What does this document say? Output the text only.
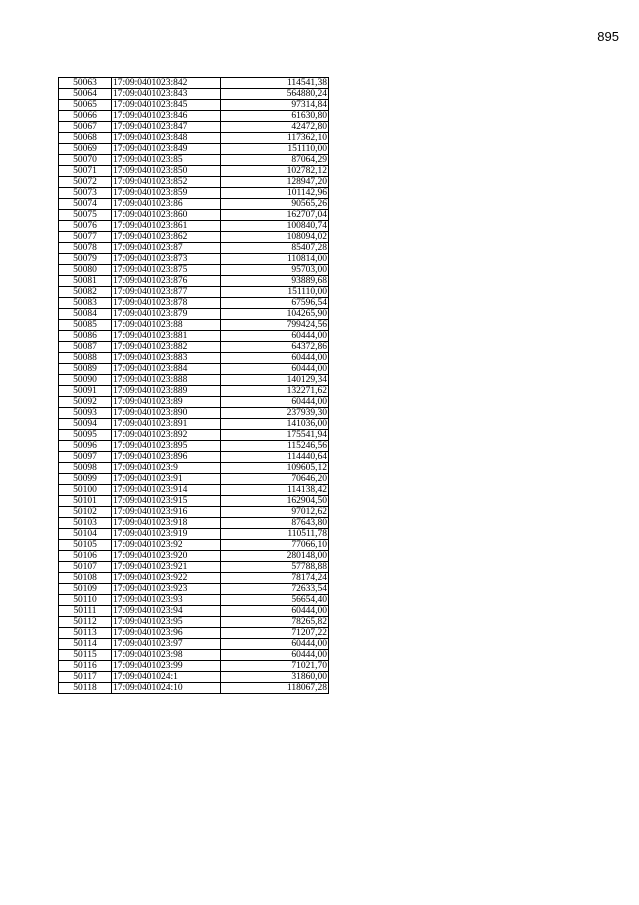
895
50063	17:09:0401023:842	114541,38
50064	17:09:0401023:843	564880,24
50065	17:09:0401023:845	97314,84
50066	17:09:0401023:846	61630,80
50067	17:09:0401023:847	42472,80
50068	17:09:0401023:848	117362,10
50069	17:09:0401023:849	151110,00
50070	17:09:0401023:85	87064,29
50071	17:09:0401023:850	102782,12
50072	17:09:0401023:852	128947,20
50073	17:09:0401023:859	101142,96
50074	17:09:0401023:86	90565,26
50075	17:09:0401023:860	162707,04
50076	17:09:0401023:861	100840,74
50077	17:09:0401023:862	108094,02
50078	17:09:0401023:87	85407,28
50079	17:09:0401023:873	110814,00
50080	17:09:0401023:875	95703,00
50081	17:09:0401023:876	93889,68
50082	17:09:0401023:877	151110,00
50083	17:09:0401023:878	67596,54
50084	17:09:0401023:879	104265,90
50085	17:09:0401023:88	799424,56
50086	17:09:0401023:881	60444,00
50087	17:09:0401023:882	64372,86
50088	17:09:0401023:883	60444,00
50089	17:09:0401023:884	60444,00
50090	17:09:0401023:888	140129,34
50091	17:09:0401023:889	132271,62
50092	17:09:0401023:89	60444,00
50093	17:09:0401023:890	237939,30
50094	17:09:0401023:891	141036,00
50095	17:09:0401023:892	175541,94
50096	17:09:0401023:895	115246,56
50097	17:09:0401023:896	114440,64
50098	17:09:0401023:9	109605,12
50099	17:09:0401023:91	70646,20
50100	17:09:0401023:914	114138,42
50101	17:09:0401023:915	162904,50
50102	17:09:0401023:916	97012,62
50103	17:09:0401023:918	87643,80
50104	17:09:0401023:919	110511,78
50105	17:09:0401023:92	77066,10
50106	17:09:0401023:920	280148,00
50107	17:09:0401023:921	57788,88
50108	17:09:0401023:922	78174,24
50109	17:09:0401023:923	72633,54
50110	17:09:0401023:93	56654,40
50111	17:09:0401023:94	60444,00
50112	17:09:0401023:95	78265,82
50113	17:09:0401023:96	71207,22
50114	17:09:0401023:97	60444,00
50115	17:09:0401023:98	60444,00
50116	17:09:0401023:99	71021,70
50117	17:09:0401024:1	31860,00
50118	17:09:0401024:10	118067,28
